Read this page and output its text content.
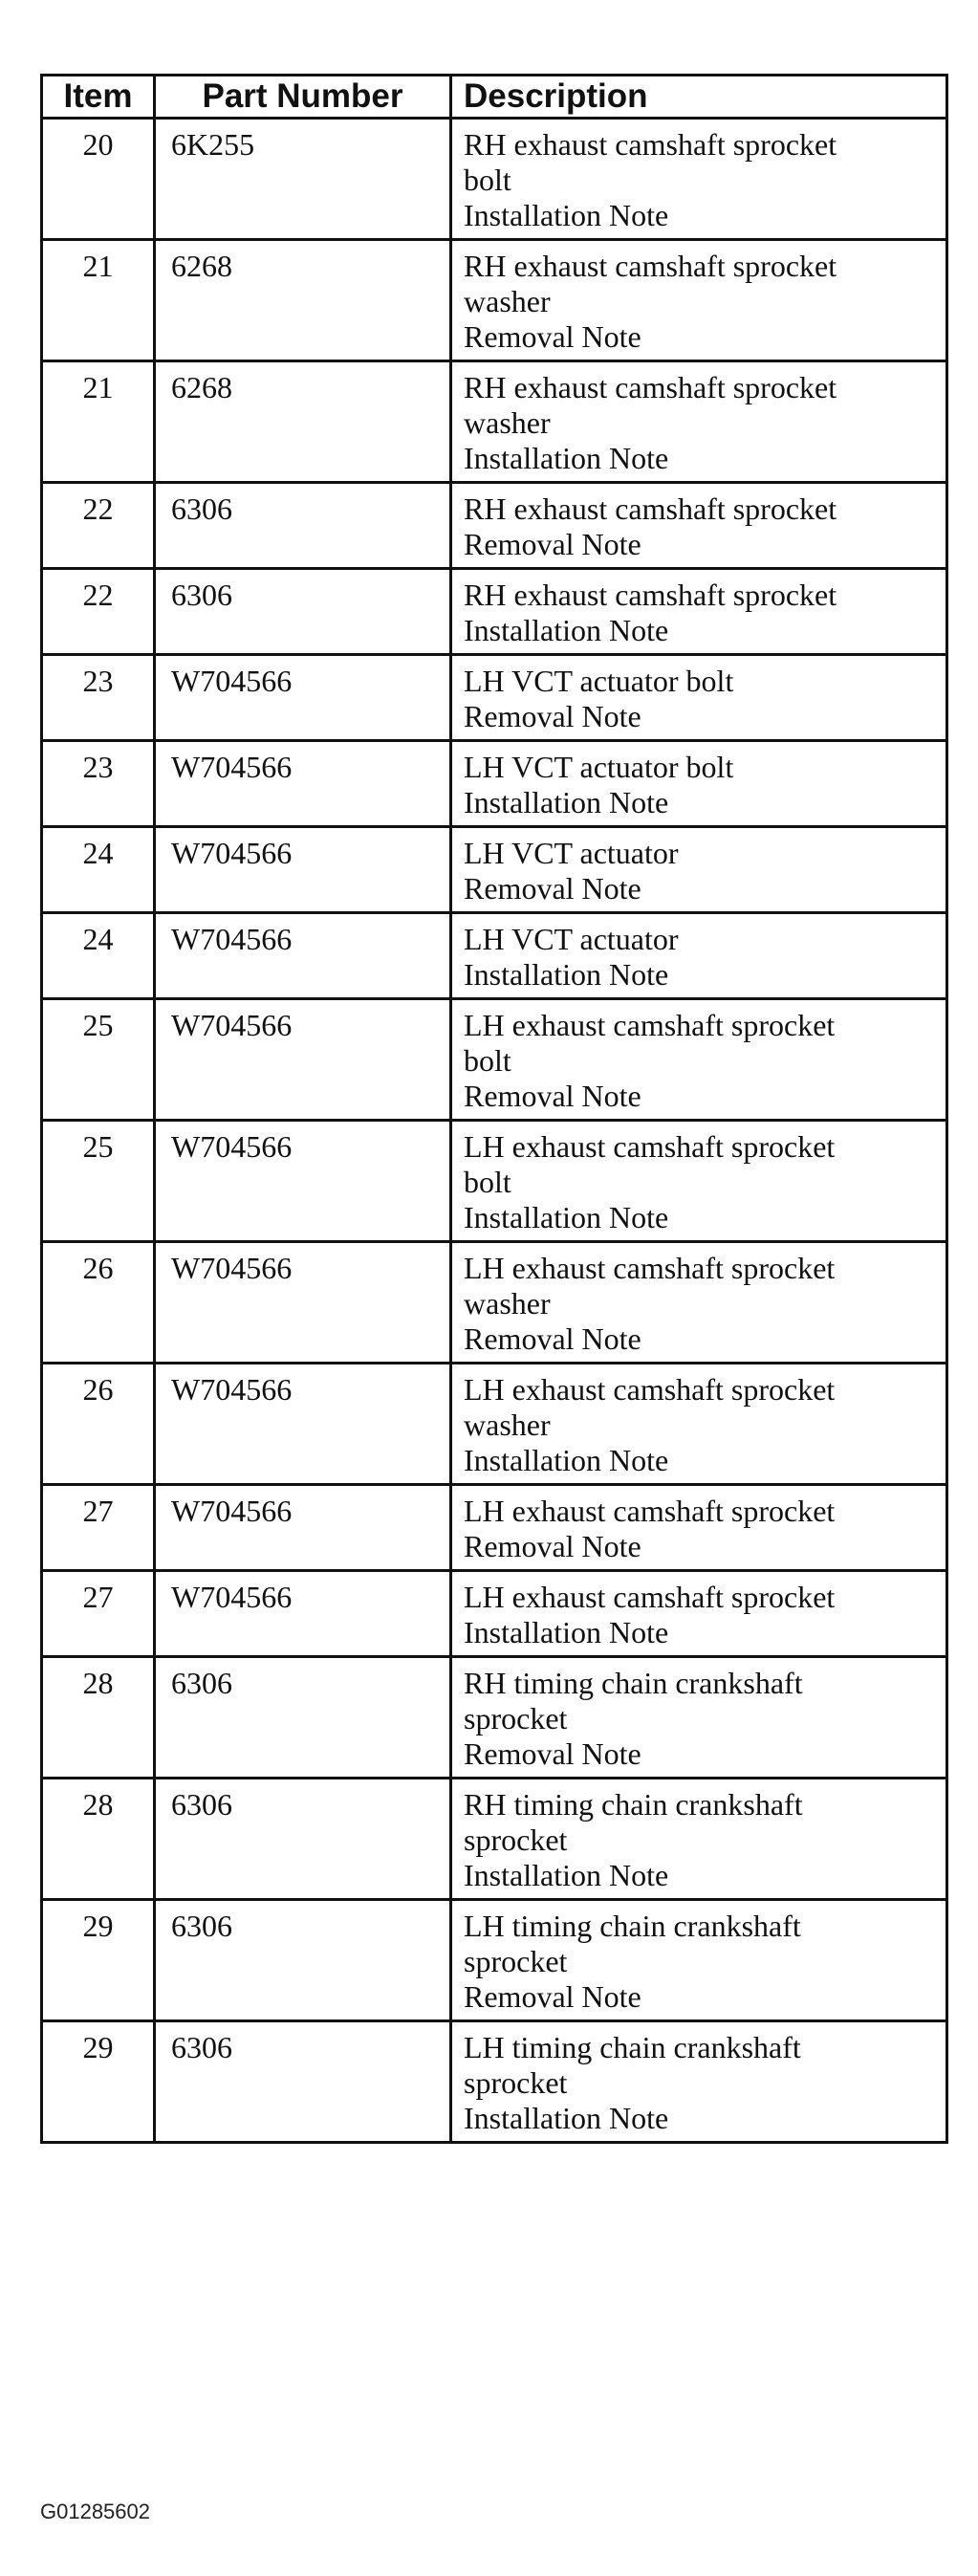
Item	Part Number	Description
20	6K255	RH exhaust camshaft sprocket
bolt
Installation Note

21	6268	RH exhaust camshaft sprocket
washer
Removal Note

21	6268	RH exhaust camshaft sprocket
washer
Installation Note

22	6306	RH exhaust camshaft sprocket
Removal Note

22	6306	RH exhaust camshaft sprocket
Installation Note

23	W704566	LH VCT actuator bolt
Removal Note

23	W704566	LH VCT actuator bolt
Installation Note

24	W704566	LH VCT actuator
Removal Note

24	W704566	LH VCT actuator
Installation Note

25	W704566	LH exhaust camshaft sprocket
bolt
Removal Note

25	W704566	LH exhaust camshaft sprocket
bolt
Installation Note

26	W704566	LH exhaust camshaft sprocket
washer
Removal Note

26	W704566	LH exhaust camshaft sprocket
washer
Installation Note

27	W704566	LH exhaust camshaft sprocket
Removal Note

27	W704566	LH exhaust camshaft sprocket
Installation Note

28	6306	RH timing chain crankshaft
sprocket
Removal Note

28	6306	RH timing chain crankshaft
sprocket
Installation Note

29	6306	LH timing chain crankshaft
sprocket
Removal Note

29	6306	LH timing chain crankshaft
sprocket
Installation Note
G01285602
